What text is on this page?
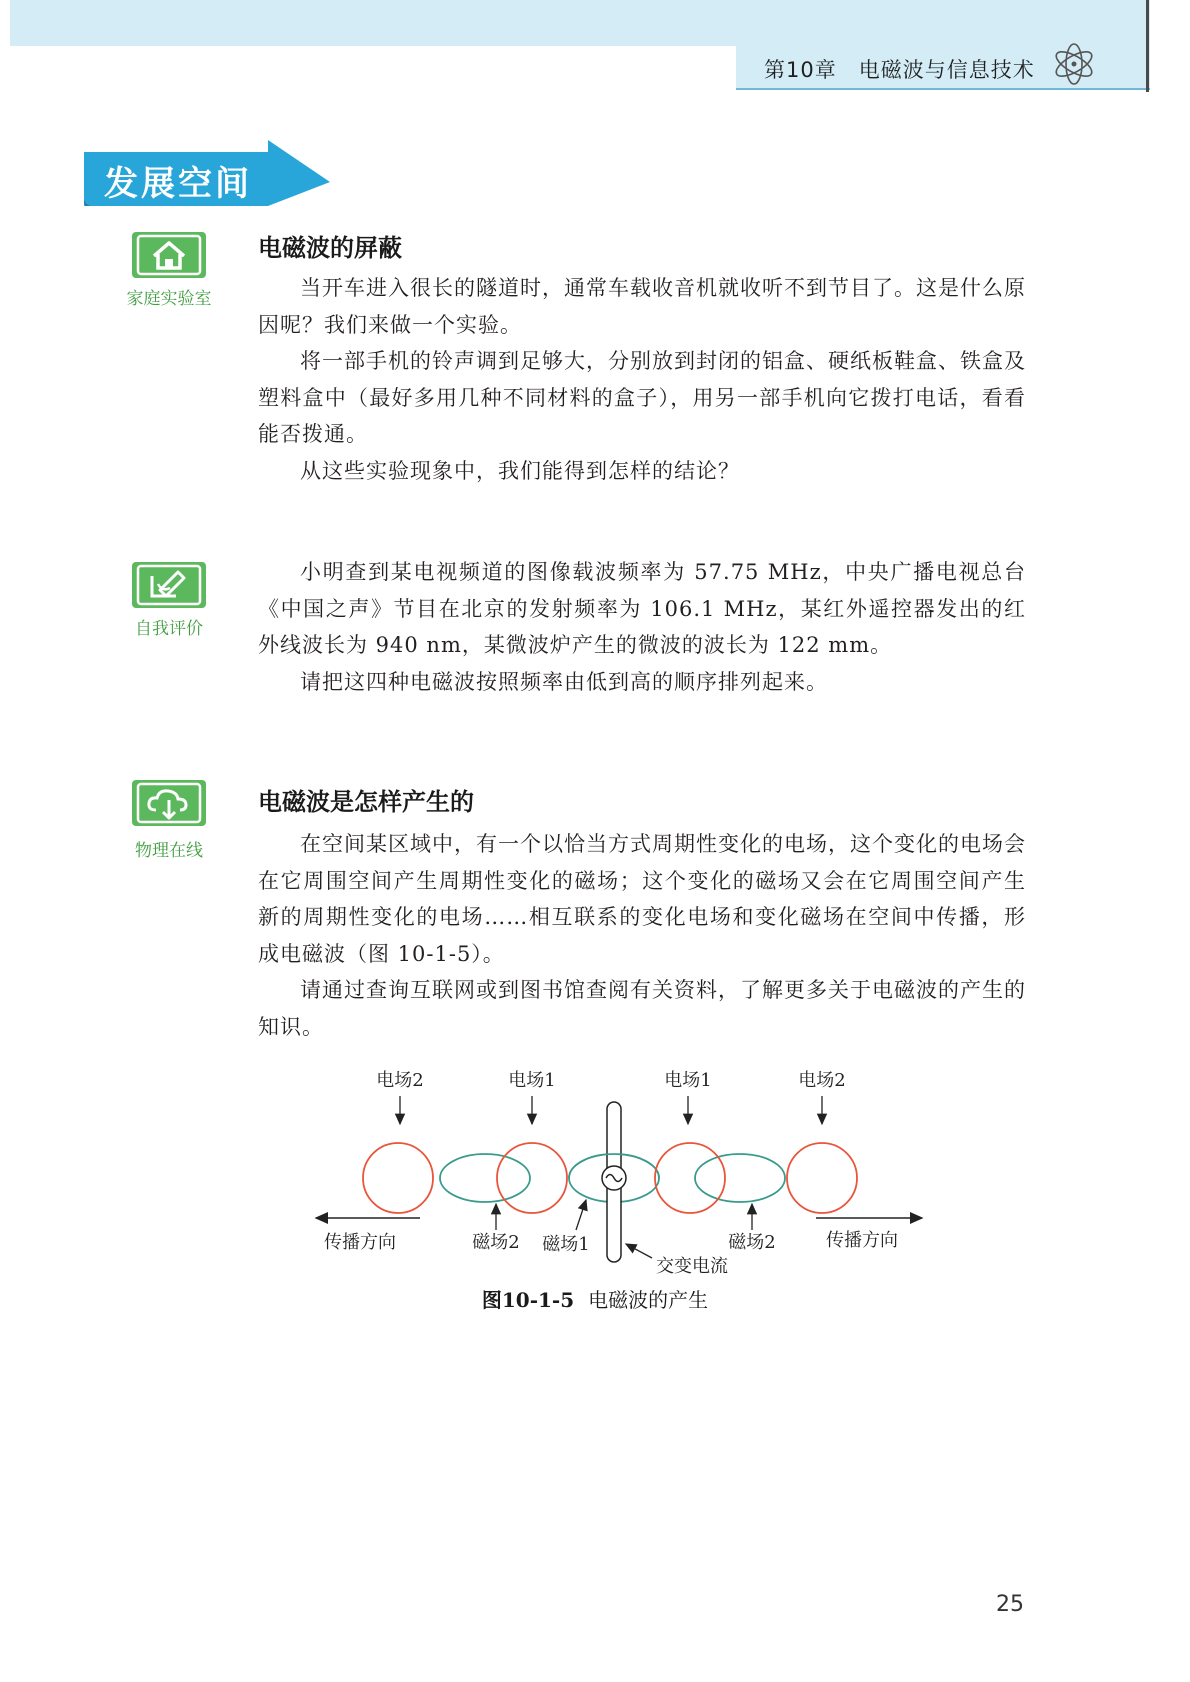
第10章 电磁波与信息技术
发展空间
家庭实验室
电磁波的屏蔽

当开车进入很长的隧道时，通常车载收音机就收听不到节目了。这是什么原因呢？我们来做一个实验。

将一部手机的铃声调到足够大，分别放到封闭的铝盒、硬纸板鞋盒、铁盒及塑料盒中（最好多用几种不同材料的盒子），用另一部手机向它拨打电话，看看能否拨通。

从这些实验现象中，我们能得到怎样的结论？

自我评价

小明查到某电视频道的图像载波频率为 57.75 MHz，中央广播电视总台《中国之声》节目在北京的发射频率为 106.1 MHz，某红外遥控器发出的红外线波长为 940 nm，某微波炉产生的微波的波长为 122 mm。

请把这四种电磁波按照频率由低到高的顺序排列起来。

物理在线
电磁波是怎样产生的

在空间某区域中，有一个以恰当方式周期性变化的电场，这个变化的电场会在它周围空间产生周期性变化的磁场；这个变化的磁场又会在它周围空间产生新的周期性变化的电场……相互联系的变化电场和变化磁场在空间中传播，形成电磁波（图 10-1-5）。

请通过查询互联网或到图书馆查阅有关资料，了解更多关于电磁波的产生的知识。

电场2	电场1	电场1	电场2
传播方向	磁场2 磁场1
交变电流
磁场2	传播方向
图10-1-5 电磁波的产生
25
